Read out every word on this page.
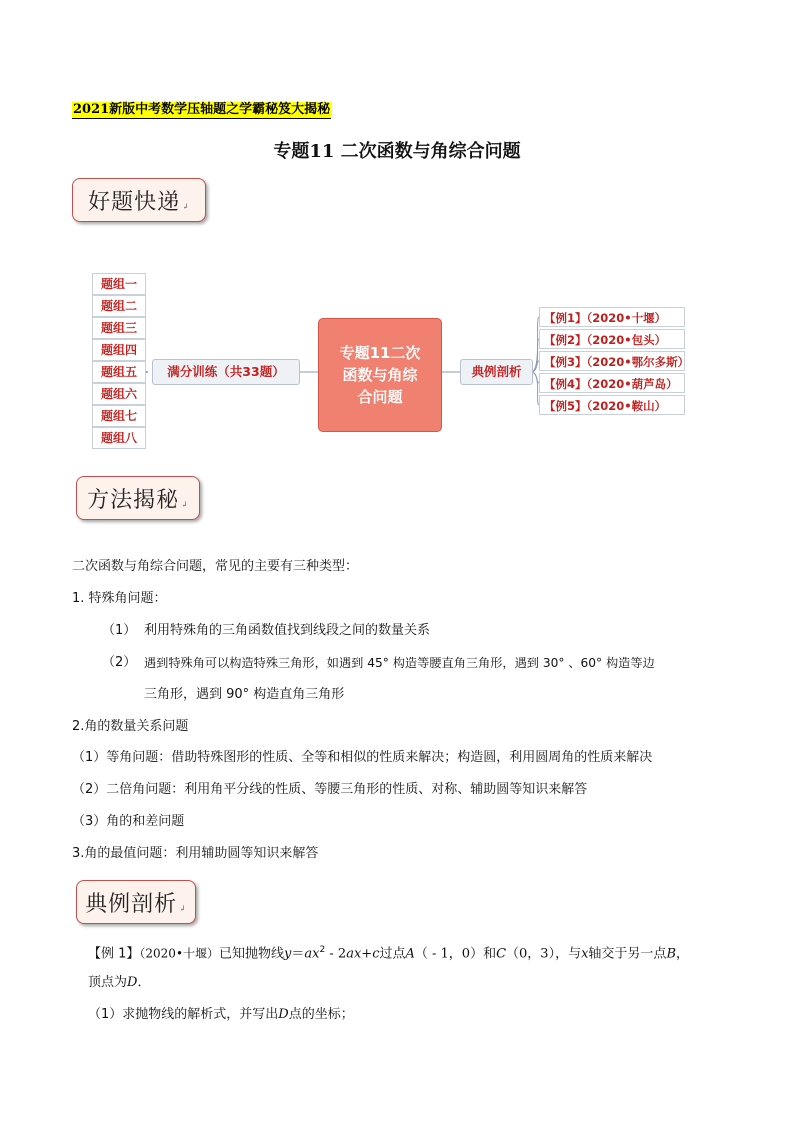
2021新版中考数学压轴题之学霸秘笈大揭秘
专题11 二次函数与角综合问题
好题快递 ↲
题组一
题组二
题组三
题组四
题组五
题组六
题组七
题组八
满分训练（共33题）
专题11二次
函数与角综
合问题
典例剖析
【例1】（2020•十堰）
【例2】（2020•包头）
【例3】（2020•鄂尔多斯）
【例4】（2020•葫芦岛）
【例5】（2020•鞍山）
方法揭秘 ↲
二次函数与角综合问题，常见的主要有三种类型：
1. 特殊角问题：
（1） 利用特殊角的三角函数值找到线段之间的数量关系
（2） 遇到特殊角可以构造特殊三角形，如遇到 45° 构造等腰直角三角形，遇到 30° 、60° 构造等边
三角形，遇到 90° 构造直角三角形
2.角的数量关系问题
（1）等角问题：借助特殊图形的性质、全等和相似的性质来解决；构造圆，利用圆周角的性质来解决
（2）二倍角问题：利用角平分线的性质、等腰三角形的性质、对称、辅助圆等知识来解答
（3）角的和差问题
3.角的最值问题：利用辅助圆等知识来解答
典例剖析 ↲
【例 1】（2020•十堰）已知抛物线$y=ax^2 - 2ax+c$过点A（ - 1，0）和C（0，3），与x轴交于另一点B，
顶点为D．
（1）求抛物线的解析式，并写出D点的坐标；
